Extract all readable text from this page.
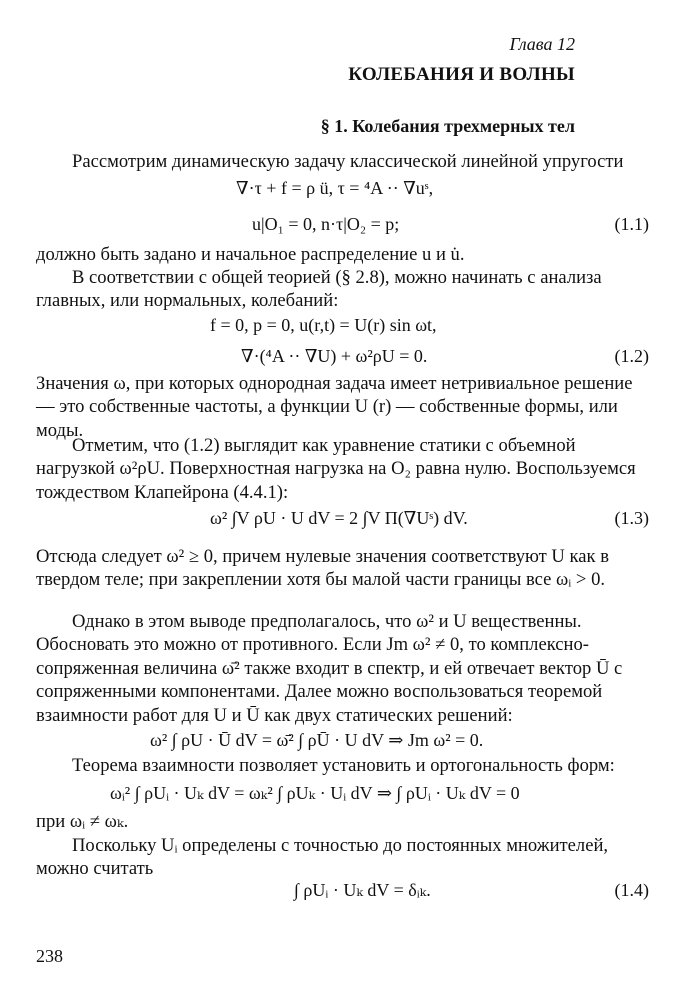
Глава 12
КОЛЕБАНИЯ И ВОЛНЫ
§ 1. Колебания трехмерных тел
Рассмотрим динамическую задачу классической линейной упругости
∇·τ + f = ρ ü, τ = ⁴A ·· ∇uˢ,
u|O₁ = 0, n·τ|O₂ = p;	(1.1)
должно быть задано и начальное распределение u и u̇.
В соответствии с общей теорией (§ 2.8), можно начинать с анализа главных, или нормальных, колебаний:
f = 0, p = 0, u(r,t) = U(r) sin ωt,
∇·(⁴A ·· ∇U) + ω²ρU = 0.	(1.2)
Значения ω, при которых однородная задача имеет нетривиальное решение — это собственные частоты, а функции U (r) — собственные формы, или моды.
Отметим, что (1.2) выглядит как уравнение статики с объемной нагрузкой ω²ρU. Поверхностная нагрузка на O₂ равна нулю. Воспользуемся тождеством Клапейрона (4.4.1):
ω² ∫V ρU · U dV = 2 ∫V Π(∇Uˢ) dV.	(1.3)
Отсюда следует ω² ≥ 0, причем нулевые значения соответствуют U как в твердом теле; при закреплении хотя бы малой части границы все ωᵢ > 0.
Однако в этом выводе предполагалось, что ω² и U вещественны. Обосновать это можно от противного. Если Jm ω² ≠ 0, то комплексно-сопряженная величина ω̄² также входит в спектр, и ей отвечает вектор Ū с сопряженными компонентами. Далее можно воспользоваться теоремой взаимности работ для U и Ū как двух статических решений:
ω² ∫ ρU · Ū dV = ω̄² ∫ ρŪ · U dV ⇒ Jm ω² = 0.
Теорема взаимности позволяет установить и ортогональность форм:
ωᵢ² ∫ ρUᵢ · Uₖ dV = ωₖ² ∫ ρUₖ · Uᵢ dV ⇒ ∫ ρUᵢ · Uₖ dV = 0
при ωᵢ ≠ ωₖ.
Поскольку Uᵢ определены с точностью до постоянных множителей, можно считать
∫ ρUᵢ · Uₖ dV = δᵢₖ.	(1.4)
238
